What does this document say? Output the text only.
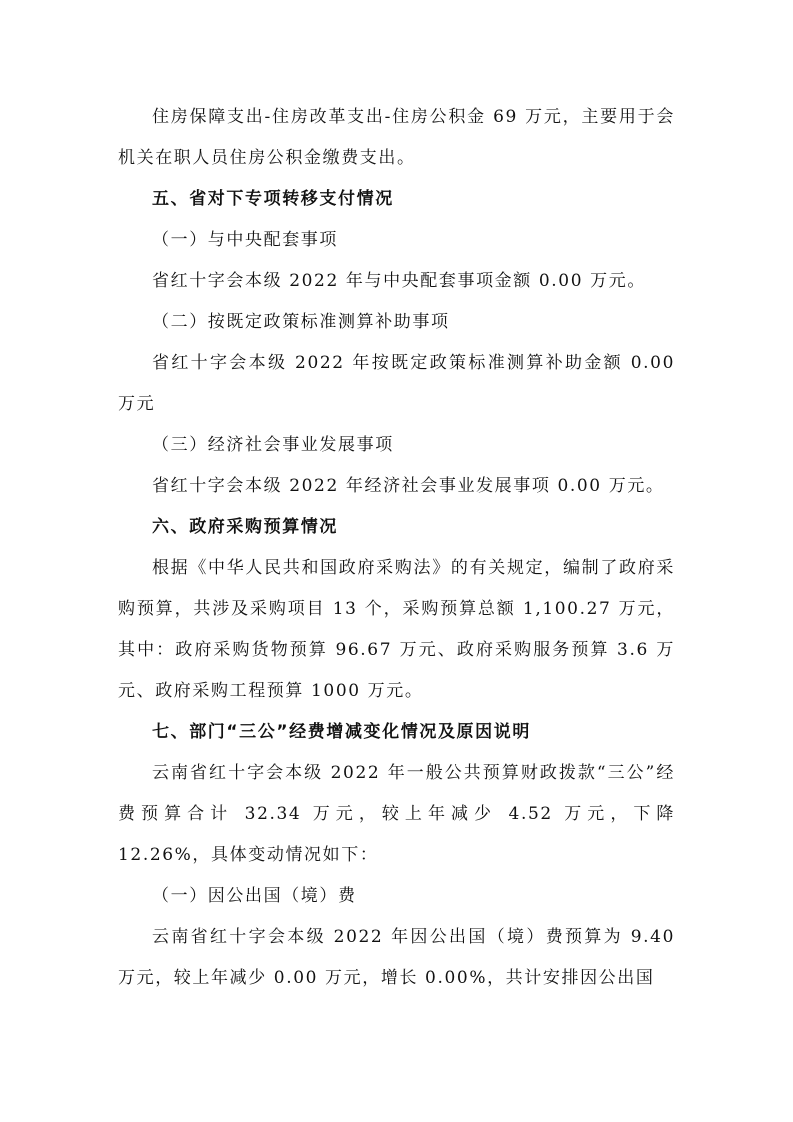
住房保障支出-住房改革支出-住房公积金 69 万元，主要用于会机关在职人员住房公积金缴费支出。

五、省对下专项转移支付情况

（一）与中央配套事项

省红十字会本级 2022 年与中央配套事项金额 0.00 万元。

（二）按既定政策标准测算补助事项

省红十字会本级 2022 年按既定政策标准测算补助金额 0.00 万元

（三）经济社会事业发展事项

省红十字会本级 2022 年经济社会事业发展事项 0.00 万元。

六、政府采购预算情况

根据《中华人民共和国政府采购法》的有关规定，编制了政府采购预算，共涉及采购项目 13 个，采购预算总额 1,100.27 万元，其中：政府采购货物预算 96.67 万元、政府采购服务预算 3.6 万元、政府采购工程预算 1000 万元。

七、部门“三公”经费增减变化情况及原因说明

云南省红十字会本级 2022 年一般公共预算财政拨款“三公”经费预算合计 32.34 万元，较上年减少 4.52 万元，下降 12.26%，具体变动情况如下：

（一）因公出国（境）费

云南省红十字会本级 2022 年因公出国（境）费预算为 9.40 万元，较上年减少 0.00 万元，增长 0.00%，共计安排因公出国
